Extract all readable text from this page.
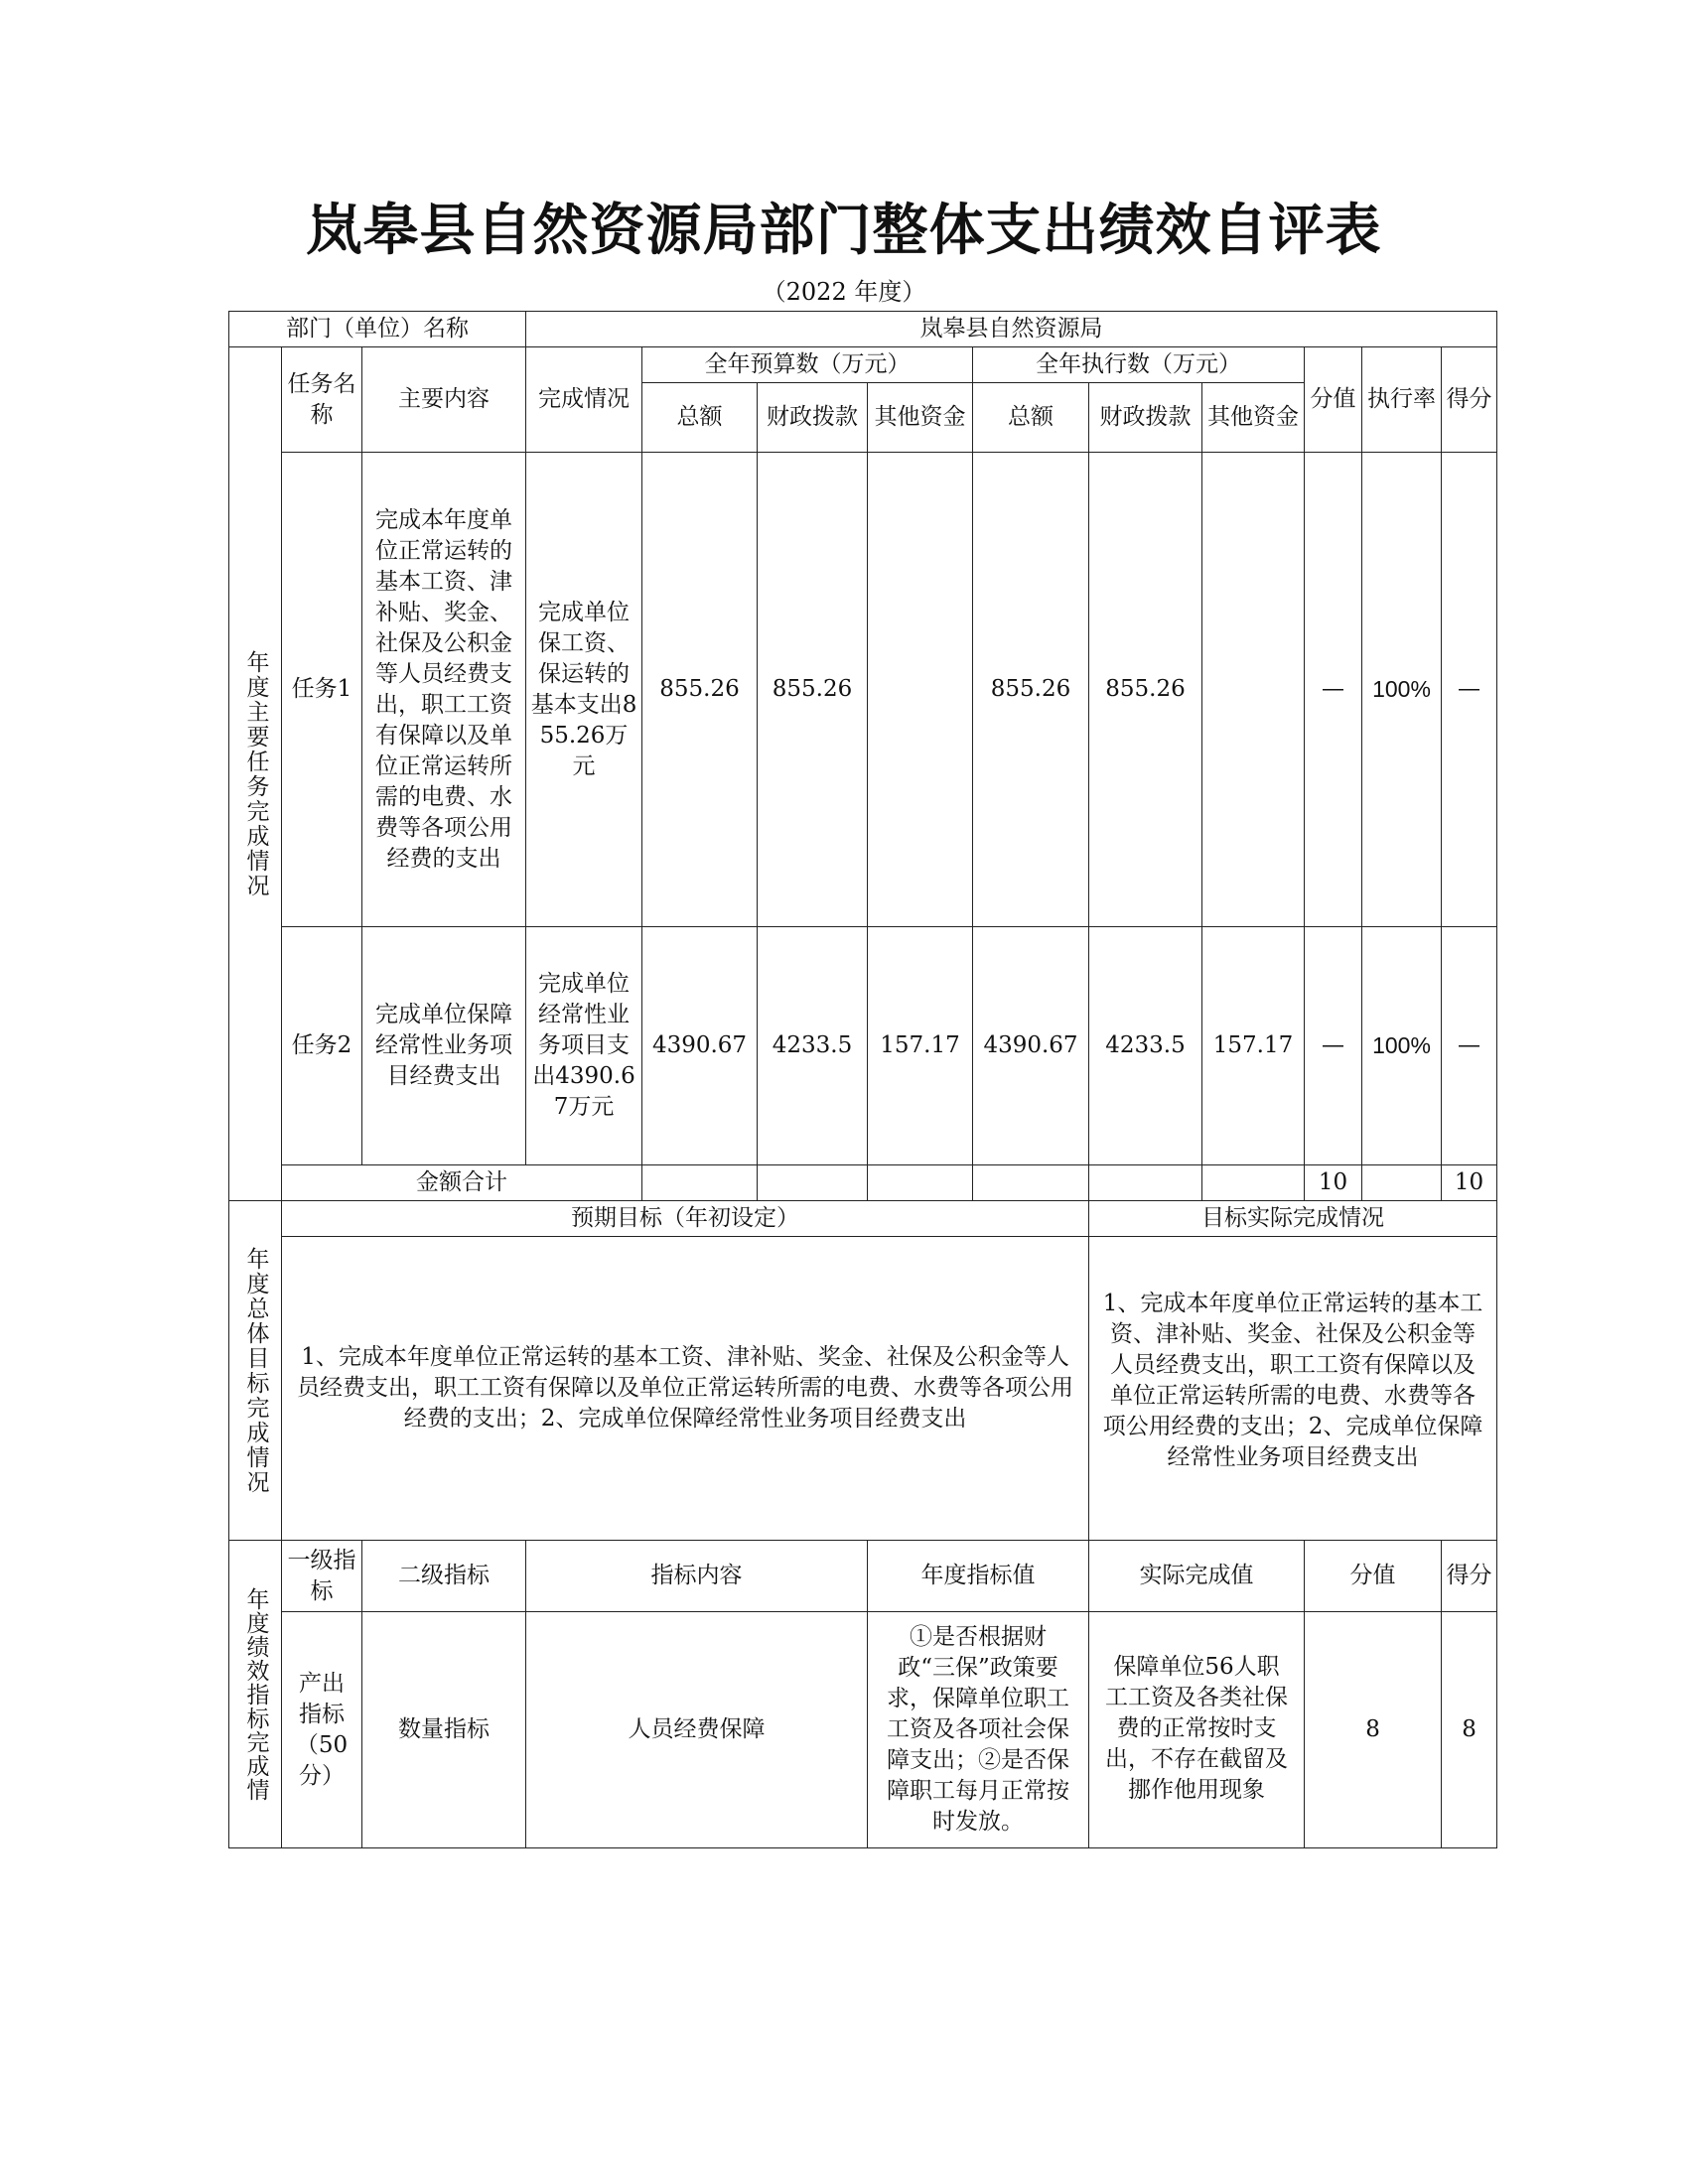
岚皋县自然资源局部门整体支出绩效自评表
（2022 年度）
部门（单位）名称			岚皋县自然资源局									
年度主要任务完成情况	任务名称	主要内容	完成情况	全年预算数（万元）			全年执行数（万元）			分值	执行率	得分
				总额	财政拨款	其他资金	总额	财政拨款	其他资金			
	任务1	完成本年度单位正常运转的基本工资、津补贴、奖金、社保及公积金等人员经费支出，职工工资有保障以及单位正常运转所需的电费、水费等各项公用经费的支出	完成单位保工资、保运转的基本支出855.26万元	855.26	855.26		855.26	855.26		—	100%	—
	任务2	完成单位保障经常性业务项目经费支出	完成单位经常性业务项目支出4390.67万元	4390.67	4233.5	157.17	4390.67	4233.5	157.17	—	100%	—
	金额合计									10		10

年度总体目标完成情况	预期目标（年初设定）							目标实际完成情况				
	1、完成本年度单位正常运转的基本工资、津补贴、奖金、社保及公积金等人员经费支出，职工工资有保障以及单位正常运转所需的电费、水费等各项公用经费的支出；2、完成单位保障经常性业务项目经费支出							1、完成本年度单位正常运转的基本工资、津补贴、奖金、社保及公积金等人员经费支出，职工工资有保障以及单位正常运转所需的电费、水费等各项公用经费的支出；2、完成单位保障经常性业务项目经费支出				
年度绩效指标完成情	一级指标	二级指标	指标内容			年度指标值		实际完成值		分值		得分
	产出指标（50分）	数量指标	人员经费保障			①是否根据财政“三保”政策要求，保障单位职工工资及各项社会保障支出；②是否保障职工每月正常按时发放。		保障单位56人职工工资及各类社保费的正常按时支出，不存在截留及挪作他用现象		8		8
